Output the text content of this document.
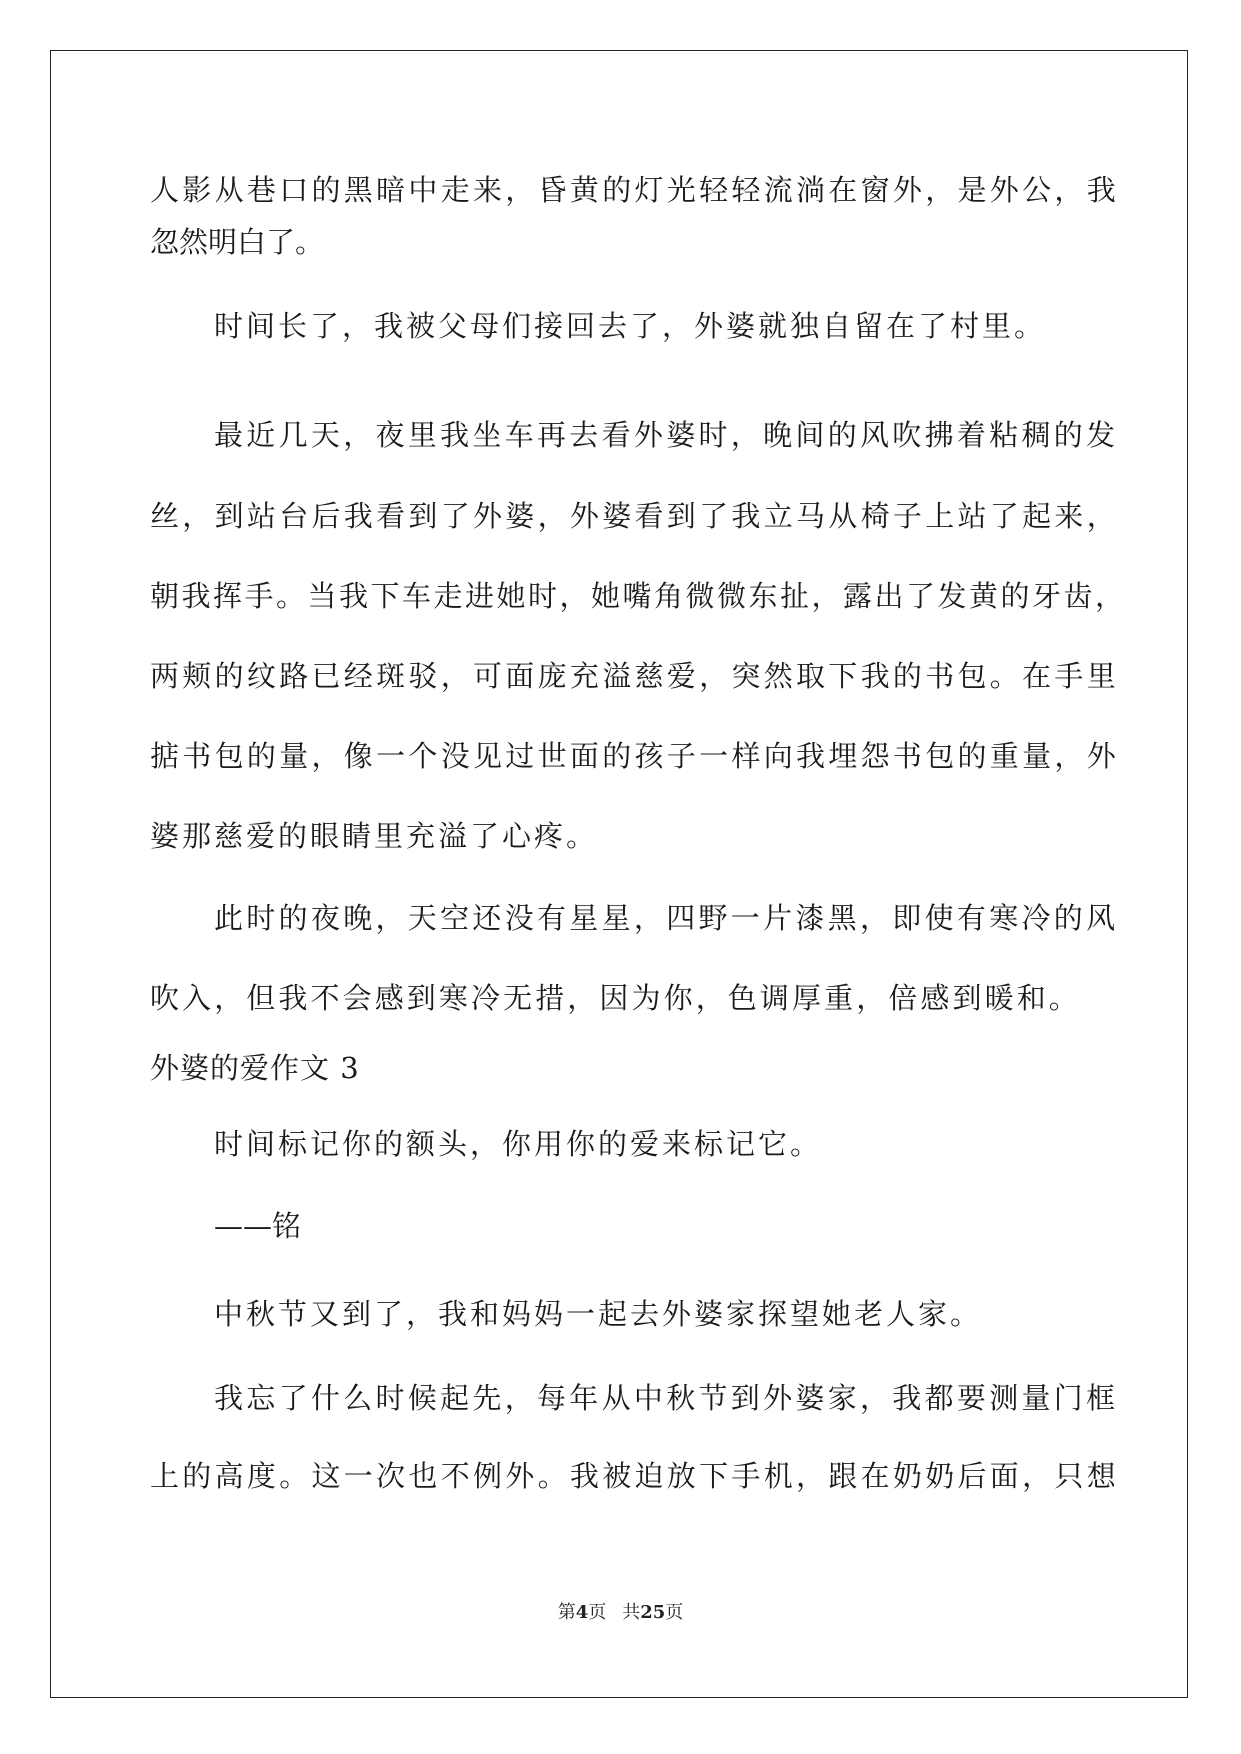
人影从巷口的黑暗中走来，昏黄的灯光轻轻流淌在窗外，是外公，我
忽然明白了。
时间长了，我被父母们接回去了，外婆就独自留在了村里。
最近几天，夜里我坐车再去看外婆时，晚间的风吹拂着粘稠的发
丝，到站台后我看到了外婆，外婆看到了我立马从椅子上站了起来，
朝我挥手。当我下车走进她时，她嘴角微微东扯，露出了发黄的牙齿，
两颊的纹路已经斑驳，可面庞充溢慈爱，突然取下我的书包。在手里
掂书包的量，像一个没见过世面的孩子一样向我埋怨书包的重量，外
婆那慈爱的眼睛里充溢了心疼。
此时的夜晚，天空还没有星星，四野一片漆黑，即使有寒冷的风
吹入，但我不会感到寒冷无措，因为你，色调厚重，倍感到暖和。
外婆的爱作文 3
时间标记你的额头，你用你的爱来标记它。
——铭
中秋节又到了，我和妈妈一起去外婆家探望她老人家。
我忘了什么时候起先，每年从中秋节到外婆家，我都要测量门框
上的高度。这一次也不例外。我被迫放下手机，跟在奶奶后面，只想
第4页 共25页
